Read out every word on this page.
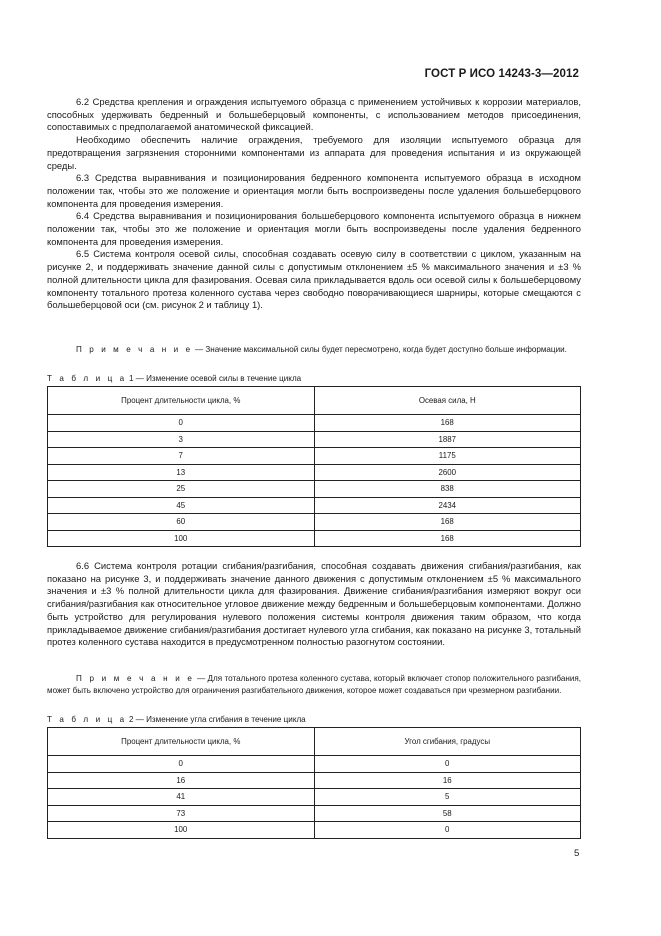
ГОСТ Р ИСО 14243-3—2012

6.2 Средства крепления и ограждения испытуемого образца с применением устойчивых к коррозии материалов, способных удерживать бедренный и большеберцовый компоненты, с использованием методов присоединения, сопоставимых с предполагаемой анатомической фиксацией.

Необходимо обеспечить наличие ограждения, требуемого для изоляции испытуемого образца для предотвращения загрязнения сторонними компонентами из аппарата для проведения испытания и из окружающей среды.

6.3 Средства выравнивания и позиционирования бедренного компонента испытуемого образца в исходном положении так, чтобы это же положение и ориентация могли быть воспроизведены после удаления большеберцового компонента для проведения измерения.

6.4 Средства выравнивания и позиционирования большеберцового компонента испытуемого образца в нижнем положении так, чтобы это же положение и ориентация могли быть воспроизведены после удаления бедренного компонента для проведения измерения.

6.5 Система контроля осевой силы, способная создавать осевую силу в соответствии с циклом, указанным на рисунке 2, и поддерживать значение данной силы с допустимым отклонением ±5 % максимального значения и ±3 % полной длительности цикла для фазирования. Осевая сила прикладывается вдоль оси осевой силы к большеберцовому компоненту тотального протеза коленного сустава через свободно поворачивающиеся шарниры, которые смещаются с большеберцовой оси (см. рисунок 2 и таблицу 1).

П р и м е ч а н и е — Значение максимальной силы будет пересмотрено, когда будет доступно больше информации.

Т а б л и ц а 1 — Изменение осевой силы в течение цикла
Процент длительности цикла, %	Осевая сила, Н
0	168
3	1887
7	1175
13	2600
25	838
45	2434
60	168
100	168

6.6 Система контроля ротации сгибания/разгибания, способная создавать движения сгибания/разгибания, как показано на рисунке 3, и поддерживать значение данного движения с допустимым отклонением ±5 % максимального значения и ±3 % полной длительности цикла для фазирования. Движение сгибания/разгибания измеряют вокруг оси сгибания/разгибания как относительное угловое движение между бедренным и большеберцовым компонентами. Должно быть устройство для регулирования нулевого положения системы контроля движения таким образом, что когда прикладываемое движение сгибания/разгибания достигает нулевого угла сгибания, как показано на рисунке 3, тотальный протез коленного сустава находится в предусмотренном полностью разогнутом состоянии.

П р и м е ч а н и е — Для тотального протеза коленного сустава, который включает стопор положительного разгибания, может быть включено устройство для ограничения разгибательного движения, которое может создаваться при чрезмерном разгибании.

Т а б л и ц а 2 — Изменение угла сгибания в течение цикла
Процент длительности цикла, %	Угол сгибания, градусы
0	0
16	16
41	5
73	58
100	0
5
